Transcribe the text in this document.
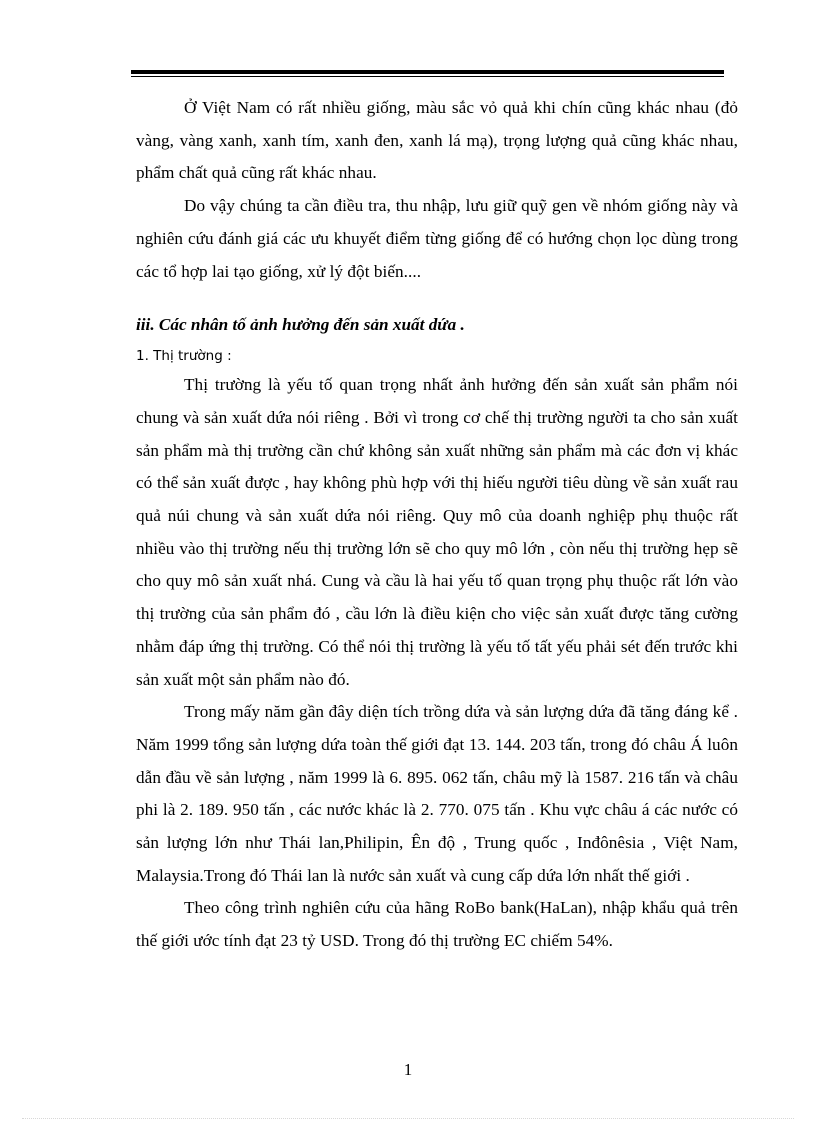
Ở Việt Nam có rất nhiều giống, màu sắc vỏ quả khi chín cũng khác nhau (đỏ vàng, vàng xanh, xanh tím, xanh đen, xanh lá mạ), trọng lượng quả cũng khác nhau, phẩm chất quả cũng rất khác nhau.

Do vậy chúng ta cần điều tra, thu nhập, lưu giữ quỹ gen về nhóm giống này và nghiên cứu đánh giá các ưu khuyết điểm từng giống để có hướng chọn lọc dùng trong các tổ hợp lai tạo giống, xử lý đột biến....

iii. Các nhân tố ảnh hưởng đến sản xuất dứa .

1. Thị trường :

Thị trường là yếu tố quan trọng nhất ảnh hưởng đến sản xuất sản phẩm nói chung và sản xuất dứa nói riêng . Bởi vì trong cơ chế thị trường người ta cho sản xuất sản phẩm mà thị trường cần chứ không sản xuất những sản phẩm mà các đơn vị khác có thể sản xuất được , hay không phù hợp với thị hiếu người tiêu dùng về sản xuất rau quả núi chung và sản xuất dứa nói riêng. Quy mô của doanh nghiệp phụ thuộc rất nhiều vào thị trường nếu thị trường lớn sẽ cho quy mô lớn , còn nếu thị trường hẹp sẽ cho quy mô sản xuất nhá. Cung và cầu là hai yếu tố quan trọng phụ thuộc rất lớn vào thị trường của sản phẩm đó , cầu lớn là điều kiện cho việc sản xuất được tăng cường nhằm đáp ứng thị trường. Có thể nói thị trường là yếu tố tất yếu phải sét đến trước khi sản xuất một sản phẩm nào đó.

Trong mấy năm gần đây diện tích trồng dứa và sản lượng dứa đã tăng đáng kể . Năm 1999 tổng sản lượng dứa toàn thế giới đạt 13. 144. 203 tấn, trong đó châu Á luôn dẫn đầu về sản lượng , năm 1999 là 6. 895. 062 tấn, châu mỹ là 1587. 216 tấn và châu phi là 2. 189. 950 tấn , các nước khác là 2. 770. 075 tấn . Khu vực châu á các nước có sản lượng lớn như Thái lan,Philipin, Ên độ , Trung quốc , Inđônêsia , Việt Nam, Malaysia.Trong đó Thái lan là nước sản xuất và cung cấp dứa lớn nhất thế giới .

Theo công trình nghiên cứu của hãng RoBo bank(HaLan), nhập khẩu quả trên thế giới ước tính đạt 23 tỷ USD. Trong đó thị trường EC chiếm 54%.

1
